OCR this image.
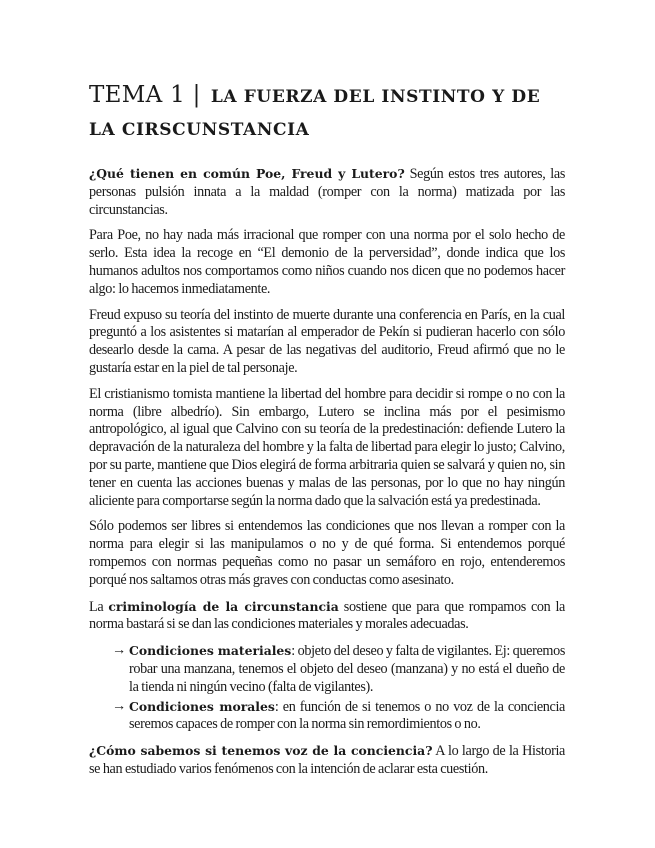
TEMA 1 | LA FUERZA DEL INSTINTO Y DE LA CIRSCUNSTANCIA

¿Qué tienen en común Poe, Freud y Lutero? Según estos tres autores, las personas pulsión innata a la maldad (romper con la norma) matizada por las circunstancias.

Para Poe, no hay nada más irracional que romper con una norma por el solo hecho de serlo. Esta idea la recoge en “El demonio de la perversidad”, donde indica que los humanos adultos nos comportamos como niños cuando nos dicen que no podemos hacer algo: lo hacemos inmediatamente.

Freud expuso su teoría del instinto de muerte durante una conferencia en París, en la cual preguntó a los asistentes si matarían al emperador de Pekín si pudieran hacerlo con sólo desearlo desde la cama. A pesar de las negativas del auditorio, Freud afirmó que no le gustaría estar en la piel de tal personaje.

El cristianismo tomista mantiene la libertad del hombre para decidir si rompe o no con la norma (libre albedrío). Sin embargo, Lutero se inclina más por el pesimismo antropológico, al igual que Calvino con su teoría de la predestinación: defiende Lutero la depravación de la naturaleza del hombre y la falta de libertad para elegir lo justo; Calvino, por su parte, mantiene que Dios elegirá de forma arbitraria quien se salvará y quien no, sin tener en cuenta las acciones buenas y malas de las personas, por lo que no hay ningún aliciente para comportarse según la norma dado que la salvación está ya predestinada.

Sólo podemos ser libres si entendemos las condiciones que nos llevan a romper con la norma para elegir si las manipulamos o no y de qué forma. Si entendemos porqué rompemos con normas pequeñas como no pasar un semáforo en rojo, entenderemos porqué nos saltamos otras más graves con conductas como asesinato.

La criminología de la circunstancia sostiene que para que rompamos con la norma bastará si se dan las condiciones materiales y morales adecuadas.

→ Condiciones materiales: objeto del deseo y falta de vigilantes. Ej: queremos robar una manzana, tenemos el objeto del deseo (manzana) y no está el dueño de la tienda ni ningún vecino (falta de vigilantes).
→ Condiciones morales: en función de si tenemos o no voz de la conciencia seremos capaces de romper con la norma sin remordimientos o no.

¿Cómo sabemos si tenemos voz de la conciencia? A lo largo de la Historia se han estudiado varios fenómenos con la intención de aclarar esta cuestión.
